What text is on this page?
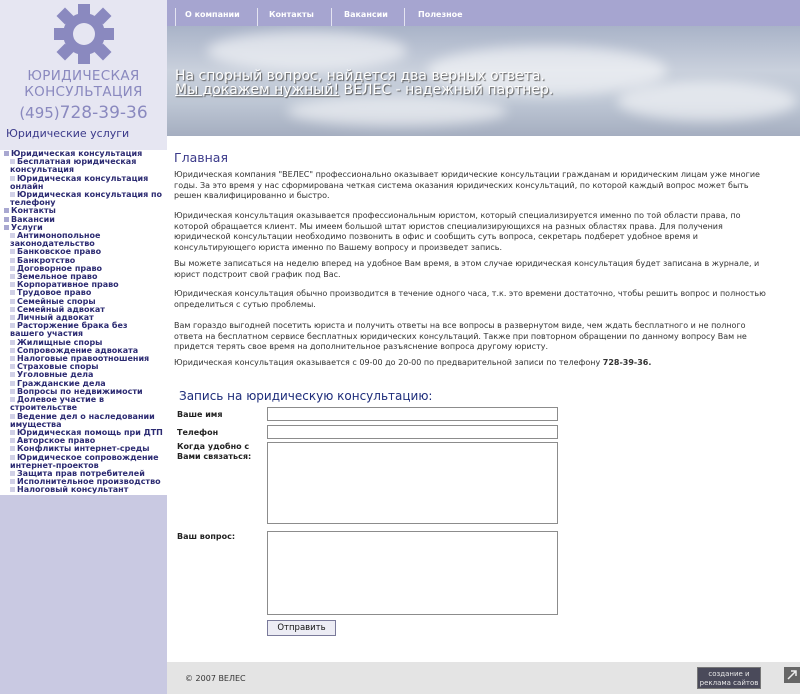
ЮРИДИЧЕСКАЯ
КОНСУЛЬТАЦИЯ
(495)728-39-36
Юридические услуги
Юридическая консультация
Бесплатная юридическая консультация
Юридическая консультация онлайн
Юридическая консультация по телефону
Контакты
Вакансии
Услуги
Антимонопольное законодательство
Банковское право
Банкротство
Договорное право
Земельное право
Корпоративное право
Трудовое право
Семейные споры
Семейный адвокат
Личный адвокат
Расторжение брака без вашего участия
Жилищные споры
Сопровождение адвоката
Налоговые правоотношения
Страховые споры
Уголовные дела
Гражданские дела
Вопросы по недвижимости
Долевое участие в строительстве
Ведение дел о наследовании имущества
Юридическая помощь при ДТП
Авторское право
Конфликты интернет-среды
Юридическое сопровождение интернет-проектов
Защита прав потребителей
Исполнительное производство
Налоговый консультант
О компании	Контакты	Вакансии	Полезное
На спорный вопрос, найдется два верных ответа.
Мы докажем нужный! ВЕЛЕС - надежный партнер.
Главная
Юридическая компания "ВЕЛЕС" профессионально оказывает юридические консультации гражданам и юридическим лицам уже многие годы. За это время у нас сформирована четкая система оказания юридических консультаций, по которой каждый вопрос может быть решен квалифицированно и быстро.
Юридическая консультация оказывается профессиональным юристом, который специализируется именно по той области права, по которой обращается клиент. Мы имеем большой штат юристов специализирующихся на разных областях права. Для получения юридической консультации необходимо позвонить в офис и сообщить суть вопроса, секретарь подберет удобное время и консультирующего юриста именно по Вашему вопросу и произведет запись.
Вы можете записаться на неделю вперед на удобное Вам время, в этом случае юридическая консультация будет записана в журнале, и юрист подстроит свой график под Вас.
Юридическая консультация обычно производится в течение одного часа, т.к. это времени достаточно, чтобы решить вопрос и полностью определиться с сутью проблемы.
Вам гораздо выгодней посетить юриста и получить ответы на все вопросы в развернутом виде, чем ждать бесплатного и не полного ответа на бесплатном сервисе бесплатных юридических консультаций. Также при повторном обращении по данному вопросу Вам не придется терять свое время на дополнительное разъяснение вопроса другому юристу.
Юридическая консультация оказывается с 09-00 до 20-00 по предварительной записи по телефону 728-39-36.
Запись на юридическую консультацию:
Ваше имя
Телефон
Когда удобно с Вами связаться:
Ваш вопрос:
Отправить
© 2007 ВЕЛЕС	создание и
реклама сайтов
